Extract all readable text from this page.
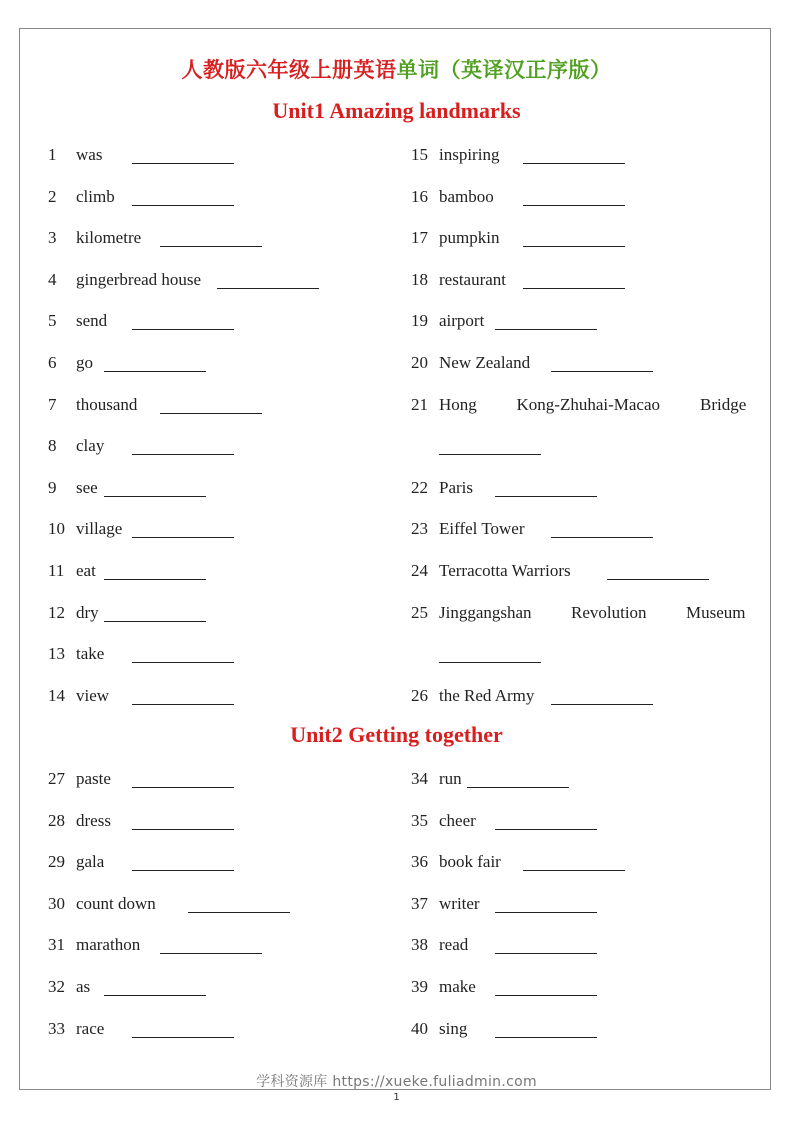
人教版六年级上册英语单词（英译汉正序版）
Unit1 Amazing landmarks
Unit2 Getting together
1 was
2 climb
3 kilometre
4 gingerbread house
5 send
6 go
7 thousand
8 clay
9 see
10 village
11 eat
12 dry
13 take
14 view
15 inspiring
16 bamboo
17 pumpkin
18 restaurant
19 airport
20 New Zealand
21 Hong Kong-Zhuhai-Macao Bridge
22 Paris
23 Eiffel Tower
24 Terracotta Warriors
25 Jinggangshan Revolution Museum
26 the Red Army
27 paste
28 dress
29 gala
30 count down
31 marathon
32 as
33 race
34 run
35 cheer
36 book fair
37 writer
38 read
39 make
40 sing
学科资源库 https://xueke.fuliadmin.com
1
